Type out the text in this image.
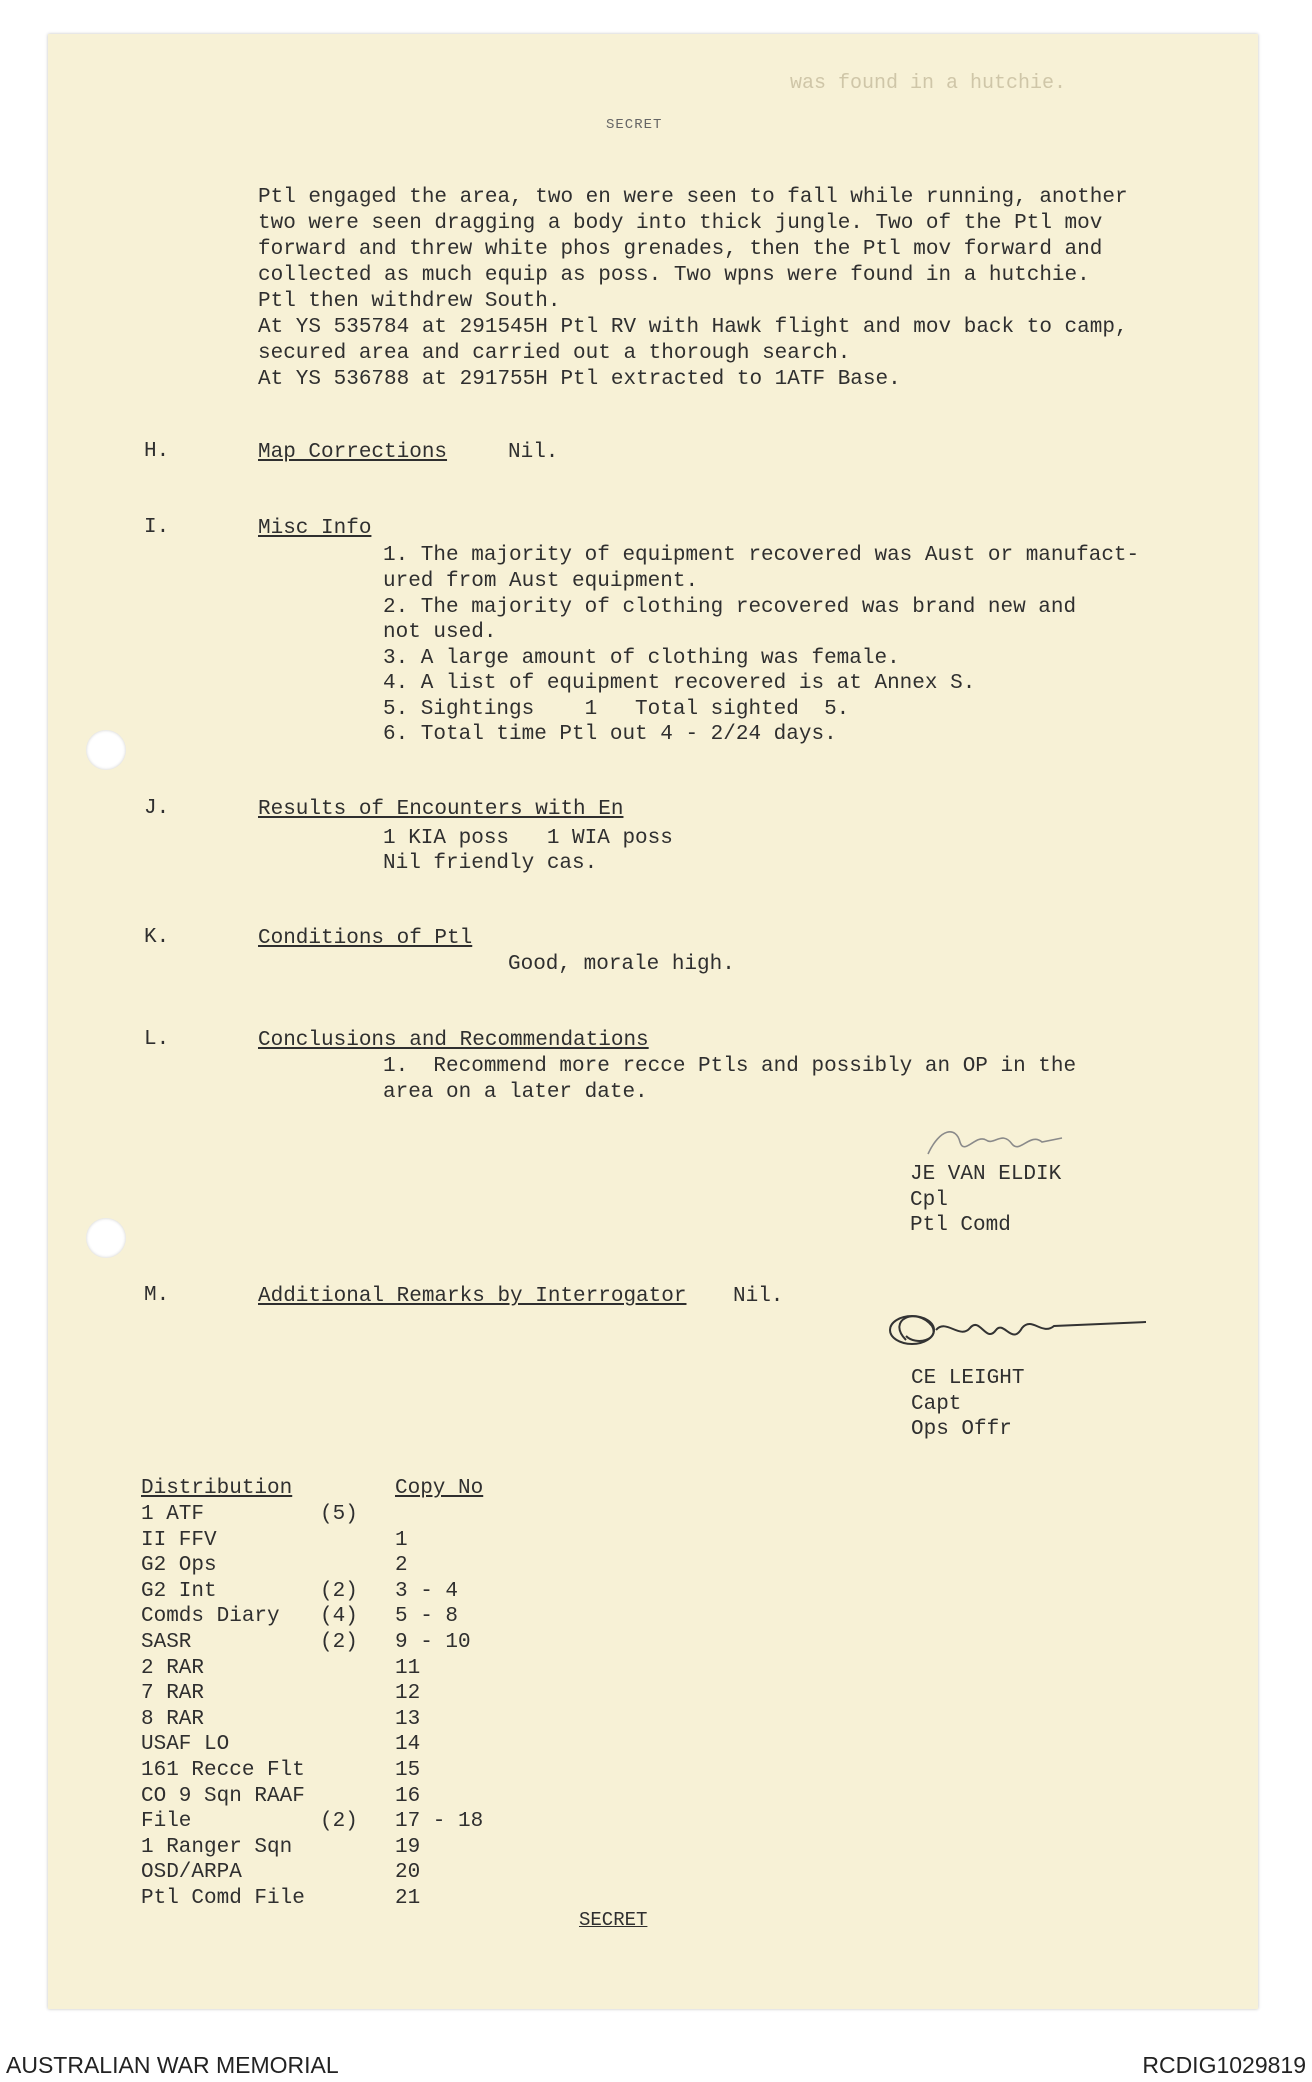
was found in a hutchie.
SECRET
Ptl engaged the area, two en were seen to fall while running, another
two were seen dragging a body into thick jungle. Two of the Ptl mov
forward and threw white phos grenades, then the Ptl mov forward and
collected as much equip as poss. Two wpns were found in a hutchie.
Ptl then withdrew South.
At YS 535784 at 291545H Ptl RV with Hawk flight and mov back to camp,
secured area and carried out a thorough search.
At YS 536788 at 291755H Ptl extracted to 1ATF Base.
H.	Map Corrections	Nil.
I.	Misc Info
1. The majority of equipment recovered was Aust or manufact-
ured from Aust equipment.
2. The majority of clothing recovered was brand new and
not used.
3. A large amount of clothing was female.
4. A list of equipment recovered is at Annex S.
5. Sightings    1   Total sighted  5.
6. Total time Ptl out 4 - 2/24 days.
J.	Results of Encounters with En
1 KIA poss   1 WIA poss
Nil friendly cas.
K.	Conditions of Ptl
Good, morale high.
L.	Conclusions and Recommendations
1.  Recommend more recce Ptls and possibly an OP in the
area on a later date.
JE VAN ELDIK
Cpl
Ptl Comd
M.	Additional Remarks by Interrogator Nil.
CE LEIGHT
Capt
Ops Offr
Distribution	Copy No
1 ATF	(5)
II FFV	1
G2 Ops	2
G2 Int	(2) 3 - 4
Comds Diary (4) 5 - 8
SASR	(2) 9 - 10
2 RAR	11
7 RAR	12
8 RAR	13
USAF LO	14
161 Recce Flt	15
CO 9 Sqn RAAF	16
File	(2) 17 - 18
1 Ranger Sqn	19
OSD/ARPA	20
Ptl Comd File	21
SECRET
AUSTRALIAN WAR MEMORIAL	RCDIG1029819
